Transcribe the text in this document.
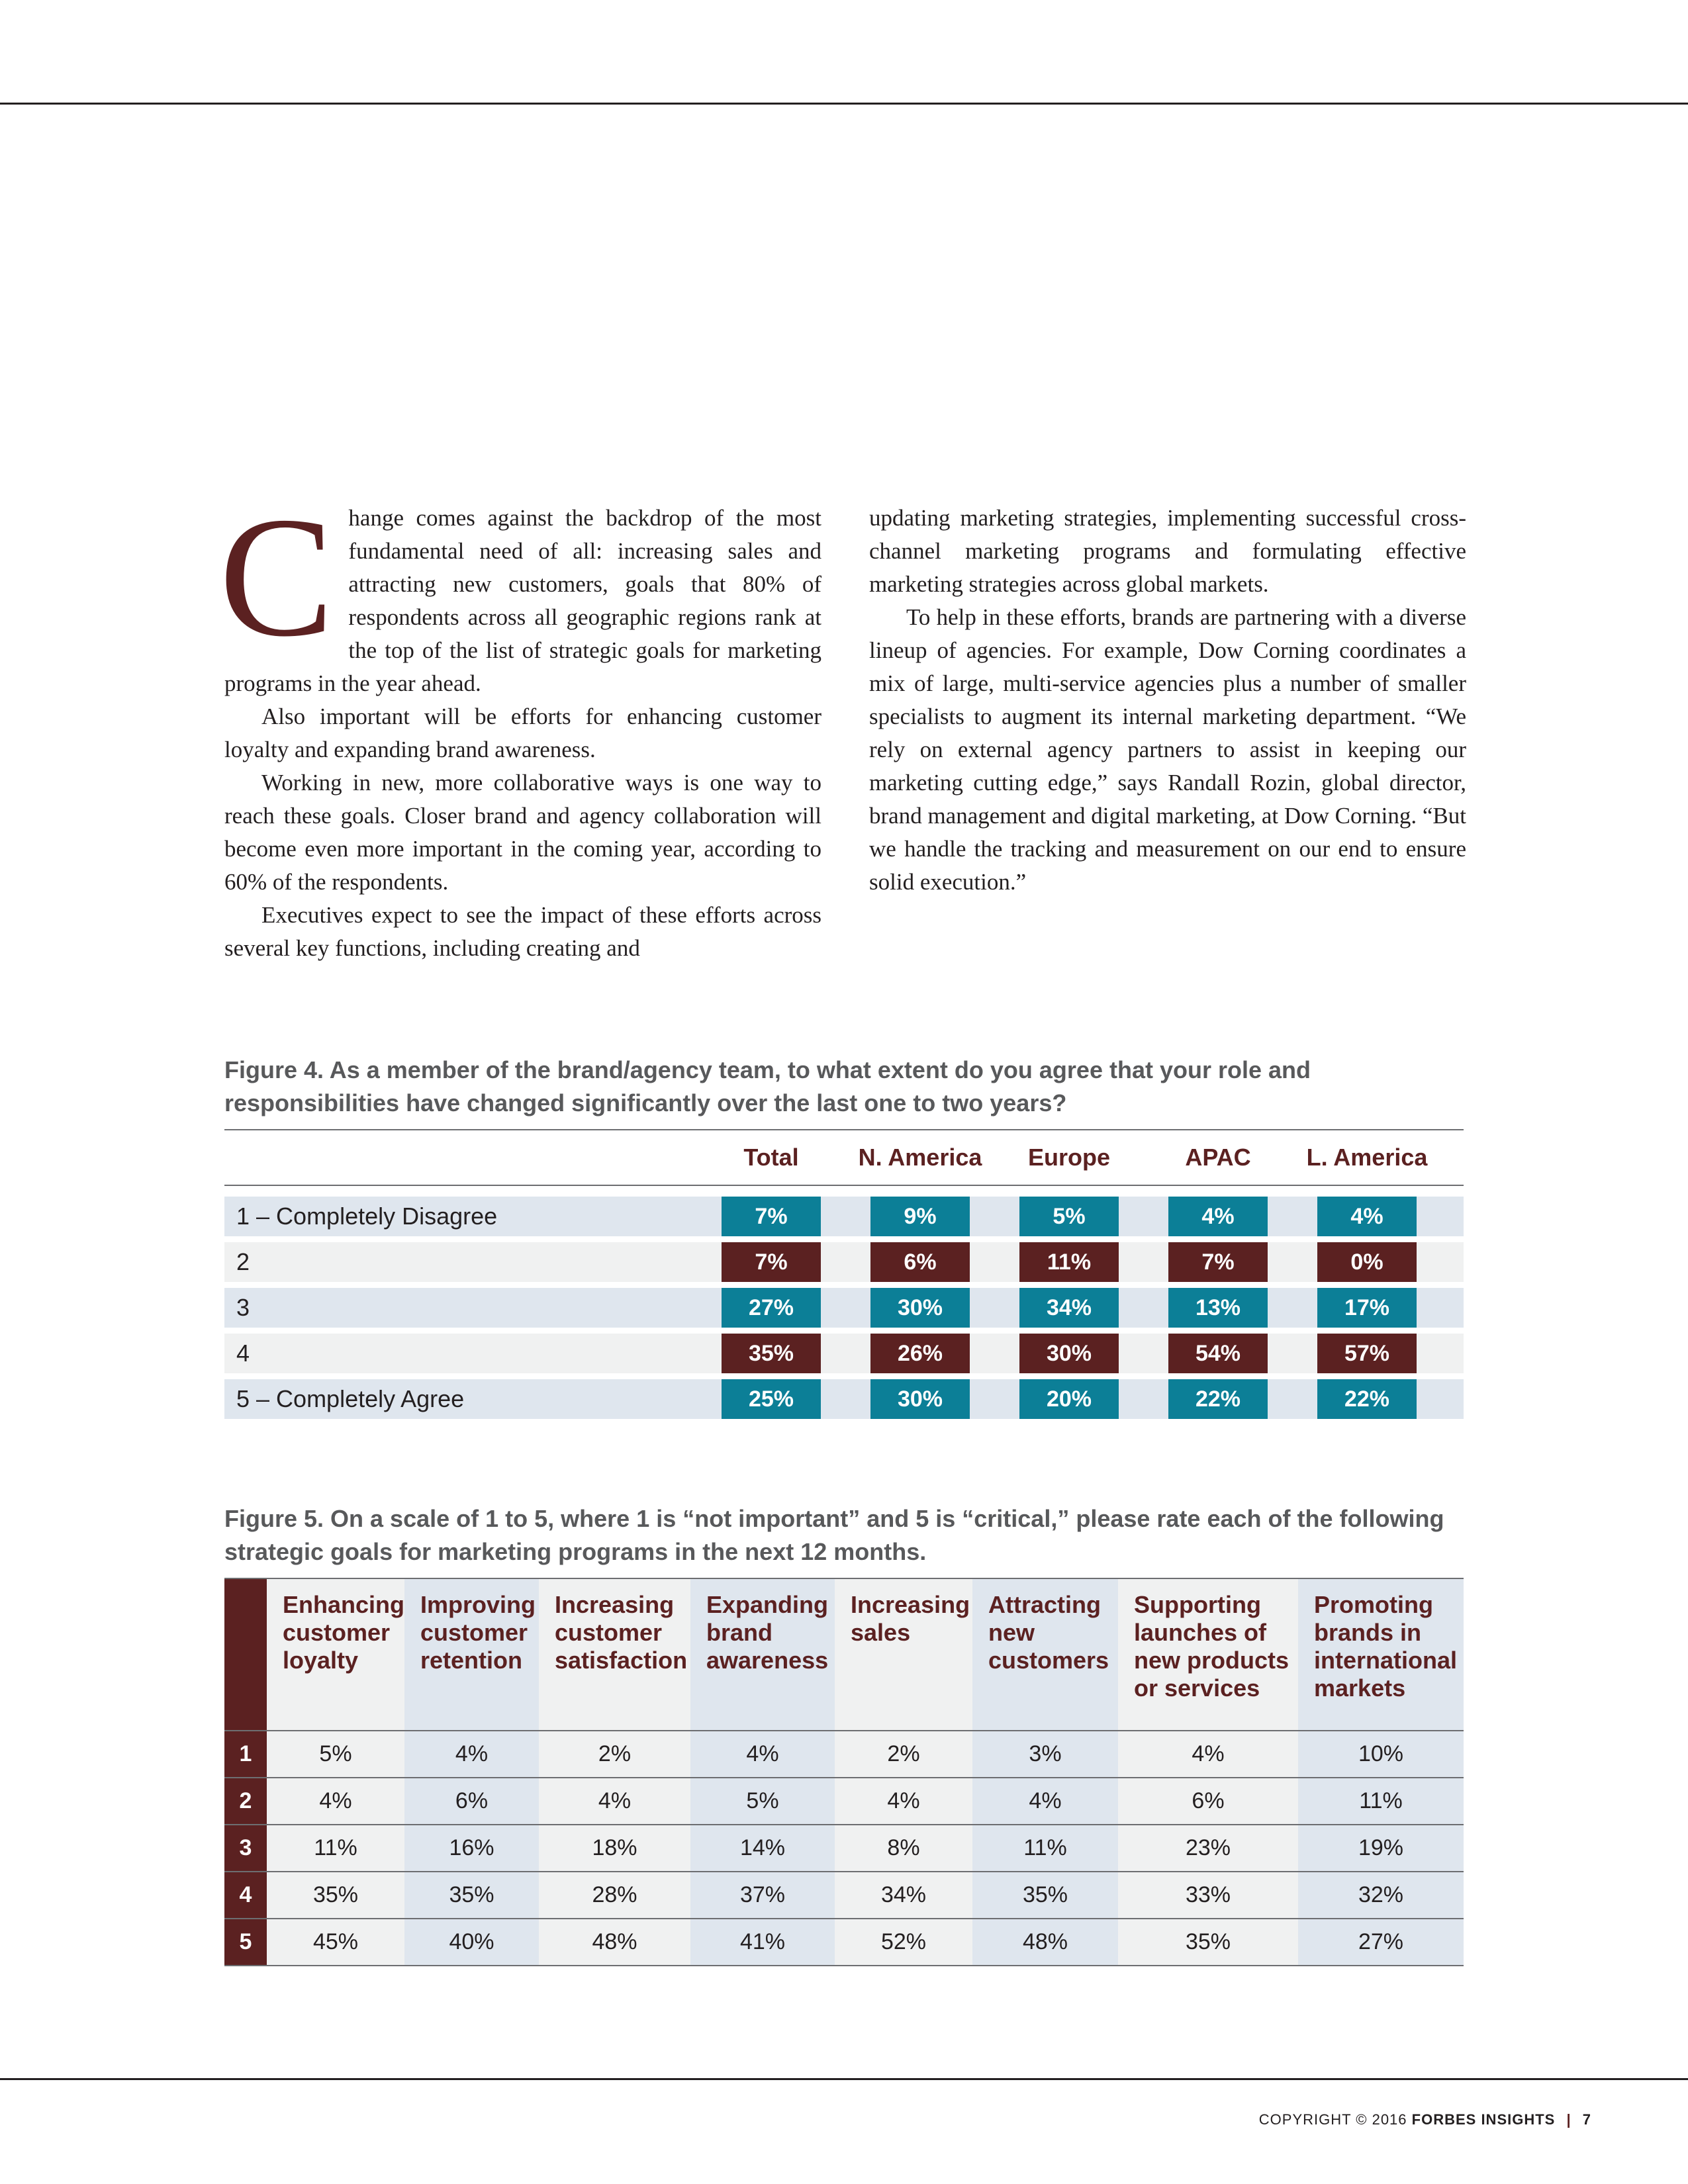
C hange comes against the backdrop of the most fundamental need of all: increasing sales and attracting new customers, goals that 80% of respondents across all geographic regions rank at the top of the list of strategic goals for marketing programs in the year ahead.

Also important will be efforts for enhancing customer loyalty and expanding brand awareness.

Working in new, more collaborative ways is one way to reach these goals. Closer brand and agency collaboration will become even more important in the coming year, according to 60% of the respondents.

Executives expect to see the impact of these efforts across several key functions, including creating and

updating marketing strategies, implementing successful cross-channel marketing programs and formulating effective marketing strategies across global markets.

To help in these efforts, brands are partnering with a diverse lineup of agencies. For example, Dow Corning coordinates a mix of large, multi-service agencies plus a number of smaller specialists to augment its internal marketing department. “We rely on external agency partners to assist in keeping our marketing cutting edge,” says Randall Rozin, global director, brand management and digital marketing, at Dow Corning. “But we handle the tracking and measurement on our end to ensure solid execution.”

Figure 4. As a member of the brand/agency team, to what extent do you agree that your role and responsibilities have changed significantly over the last one to two years?

Total	N. America	Europe	APAC	L. America
1 – Completely Disagree	7%	9%	5%	4%	4%
2	7%	6%	11%	7%	0%
3	27%	30%	34%	13%	17%
4	35%	26%	30%	54%	57%
5 – Completely Agree	25%	30%	20%	22%	22%

Figure 5. On a scale of 1 to 5, where 1 is “not important” and 5 is “critical,” please rate each of the following strategic goals for marketing programs in the next 12 months.

	Enhancing
customer
loyalty	Improving
customer
retention	Increasing
customer
satisfaction	Expanding
brand
awareness	Increasing
sales	Attracting
new
customers	Supporting
launches of
new products
or services	Promoting
brands in
international
markets
1	5%	4%	2%	4%	2%	3%	4%	10%
2	4%	6%	4%	5%	4%	4%	6%	11%
3	11%	16%	18%	14%	8%	11%	23%	19%
4	35%	35%	28%	37%	34%	35%	33%	32%
5	45%	40%	48%	41%	52%	48%	35%	27%
COPYRIGHT © 2016 FORBES INSIGHTS | 7
